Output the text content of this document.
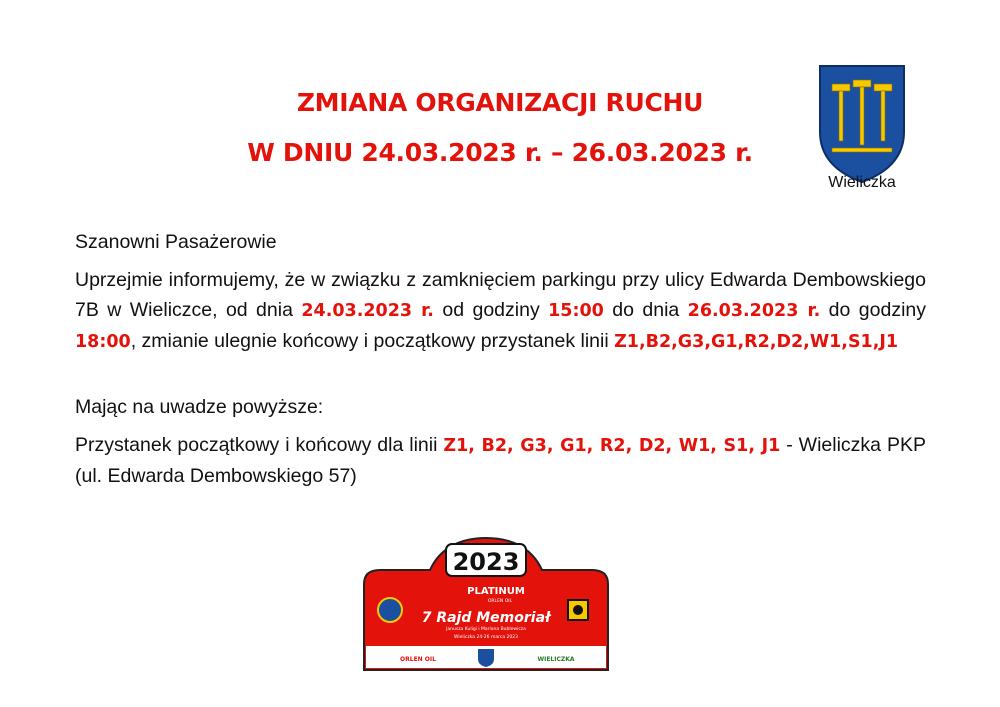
ZMIANA ORGANIZACJI RUCHU
W DNIU 24.03.2023 r. – 26.03.2023 r.
Wieliczka
Szanowni Pasażerowie
Uprzejmie informujemy, że w związku z zamknięciem parkingu przy ulicy Edwarda Dembowskiego 7B w Wieliczce, od dnia 24.03.2023 r. od godziny 15:00 do dnia 26.03.2023 r. do godziny 18:00, zmianie ulegnie końcowy i początkowy przystanek linii Z1,B2,G3,G1,R2,D2,W1,S1,J1
Mając na uwadze powyższe:
Przystanek początkowy i końcowy dla linii Z1, B2, G3, G1, R2, D2, W1, S1, J1 - Wieliczka PKP (ul. Edwarda Dembowskiego 57)
2023
PLATINUM
ORLEN OIL
7 Rajd Memoriał
Janusza Kuligi i Mariana Bublewicza
Wieliczka 24-26 marca 2023
ORLEN OIL	WIELICZKA
